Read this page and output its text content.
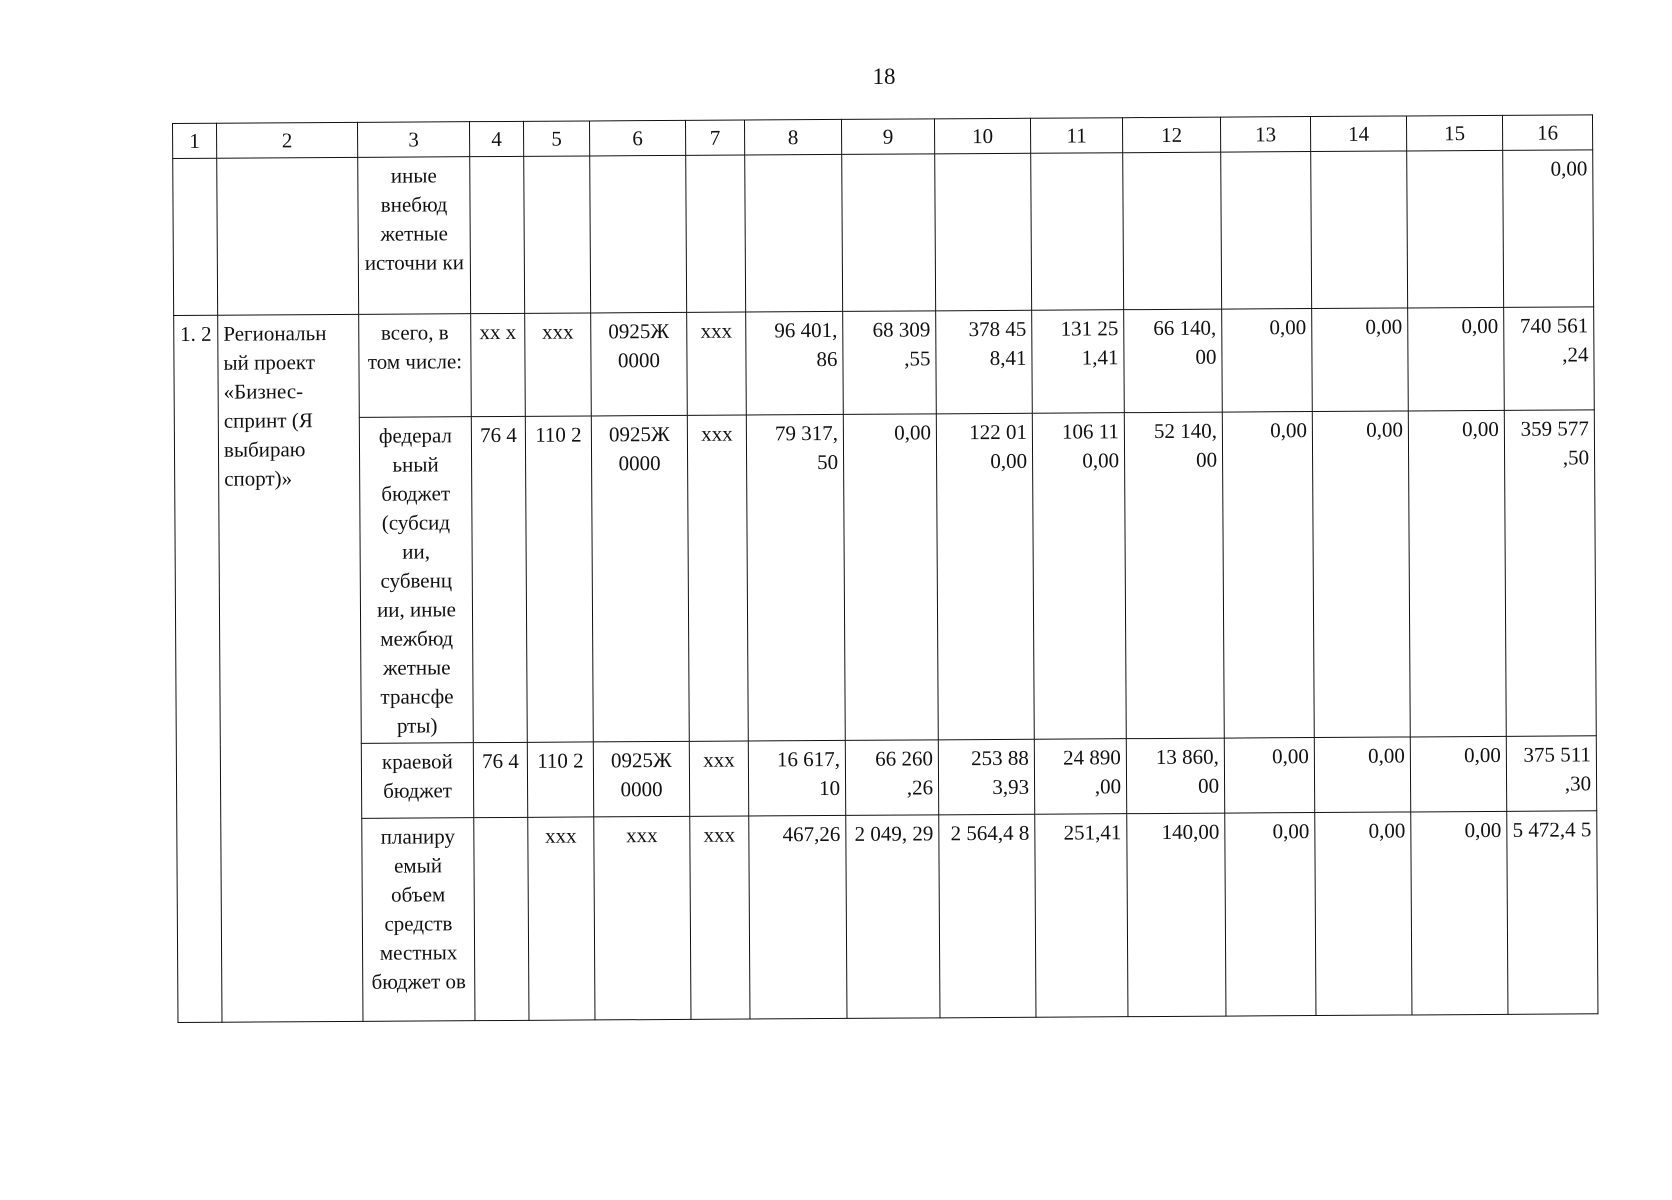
18
1	2	3	4	5	6	7	8	9	10	11	12	13	14	15	16
		иные внебюд жетные источни ки													0,00
1. 2	Региональн ый проект «Бизнес-спринт (Я выбираю спорт)»	всего, в том числе:	xx x	xxx	0925Ж 0000	xxx	96 401, 86	68 309 ,55	378 45 8,41	131 25 1,41	66 140, 00	0,00	0,00	0,00	740 561 ,24
		федерал ьный бюджет (субсид ии, субвенц ии, иные межбюд жетные трансфе рты)	76 4	110 2	0925Ж 0000	xxx	79 317, 50	0,00	122 01 0,00	106 11 0,00	52 140, 00	0,00	0,00	0,00	359 577 ,50
		краевой бюджет	76 4	110 2	0925Ж 0000	xxx	16 617, 10	66 260 ,26	253 88 3,93	24 890 ,00	13 860, 00	0,00	0,00	0,00	375 511 ,30
		планиру емый объем средств местных бюджет ов		xxx	xxx	xxx	467,26	2 049, 29	2 564,4 8	251,41	140,00	0,00	0,00	0,00	5 472,4 5
